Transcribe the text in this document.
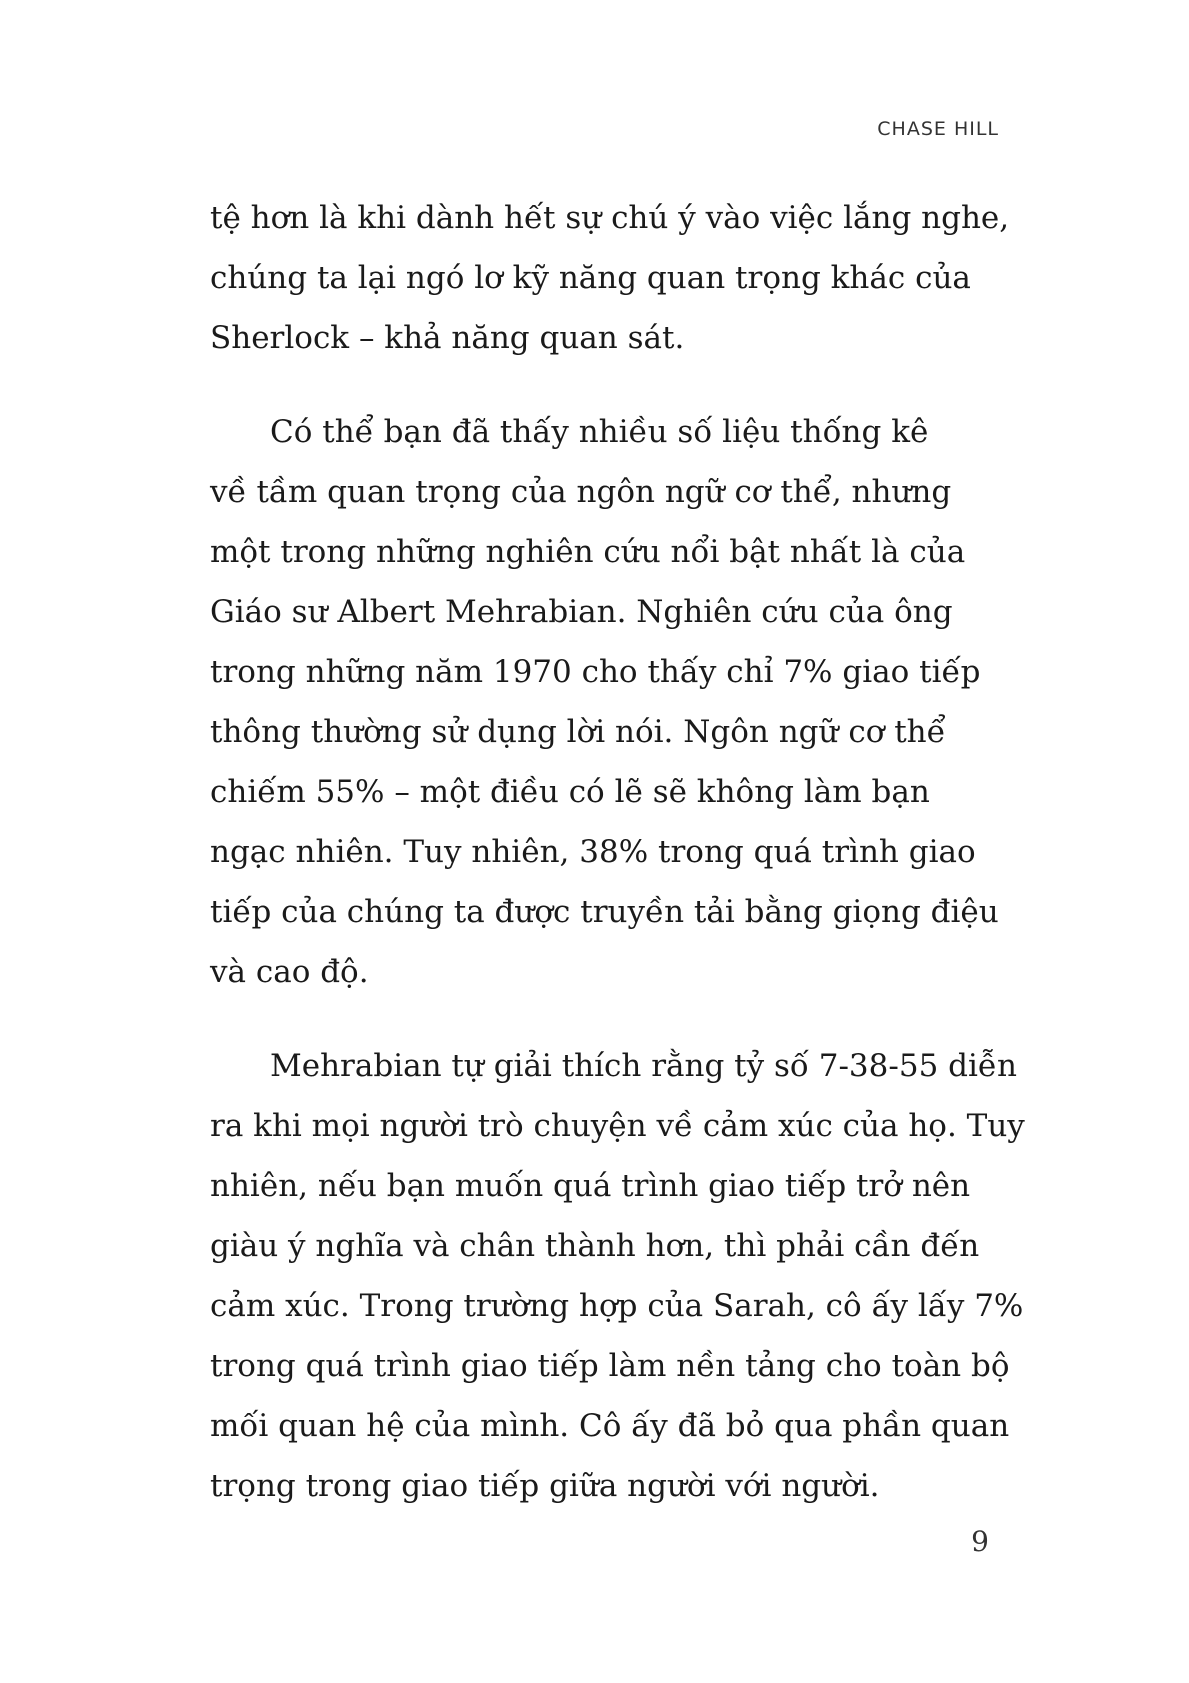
CHASE HILL

tệ hơn là khi dành hết sự chú ý vào việc lắng nghe,
chúng ta lại ngó lơ kỹ năng quan trọng khác của
Sherlock – khả năng quan sát.

Có thể bạn đã thấy nhiều số liệu thống kê
về tầm quan trọng của ngôn ngữ cơ thể, nhưng
một trong những nghiên cứu nổi bật nhất là của
Giáo sư Albert Mehrabian. Nghiên cứu của ông
trong những năm 1970 cho thấy chỉ 7% giao tiếp
thông thường sử dụng lời nói. Ngôn ngữ cơ thể
chiếm 55% – một điều có lẽ sẽ không làm bạn
ngạc nhiên. Tuy nhiên, 38% trong quá trình giao
tiếp của chúng ta được truyền tải bằng giọng điệu
và cao độ.

Mehrabian tự giải thích rằng tỷ số 7-38-55 diễn
ra khi mọi người trò chuyện về cảm xúc của họ. Tuy
nhiên, nếu bạn muốn quá trình giao tiếp trở nên
giàu ý nghĩa và chân thành hơn, thì phải cần đến
cảm xúc. Trong trường hợp của Sarah, cô ấy lấy 7%
trong quá trình giao tiếp làm nền tảng cho toàn bộ
mối quan hệ của mình. Cô ấy đã bỏ qua phần quan
trọng trong giao tiếp giữa người với người.

9
